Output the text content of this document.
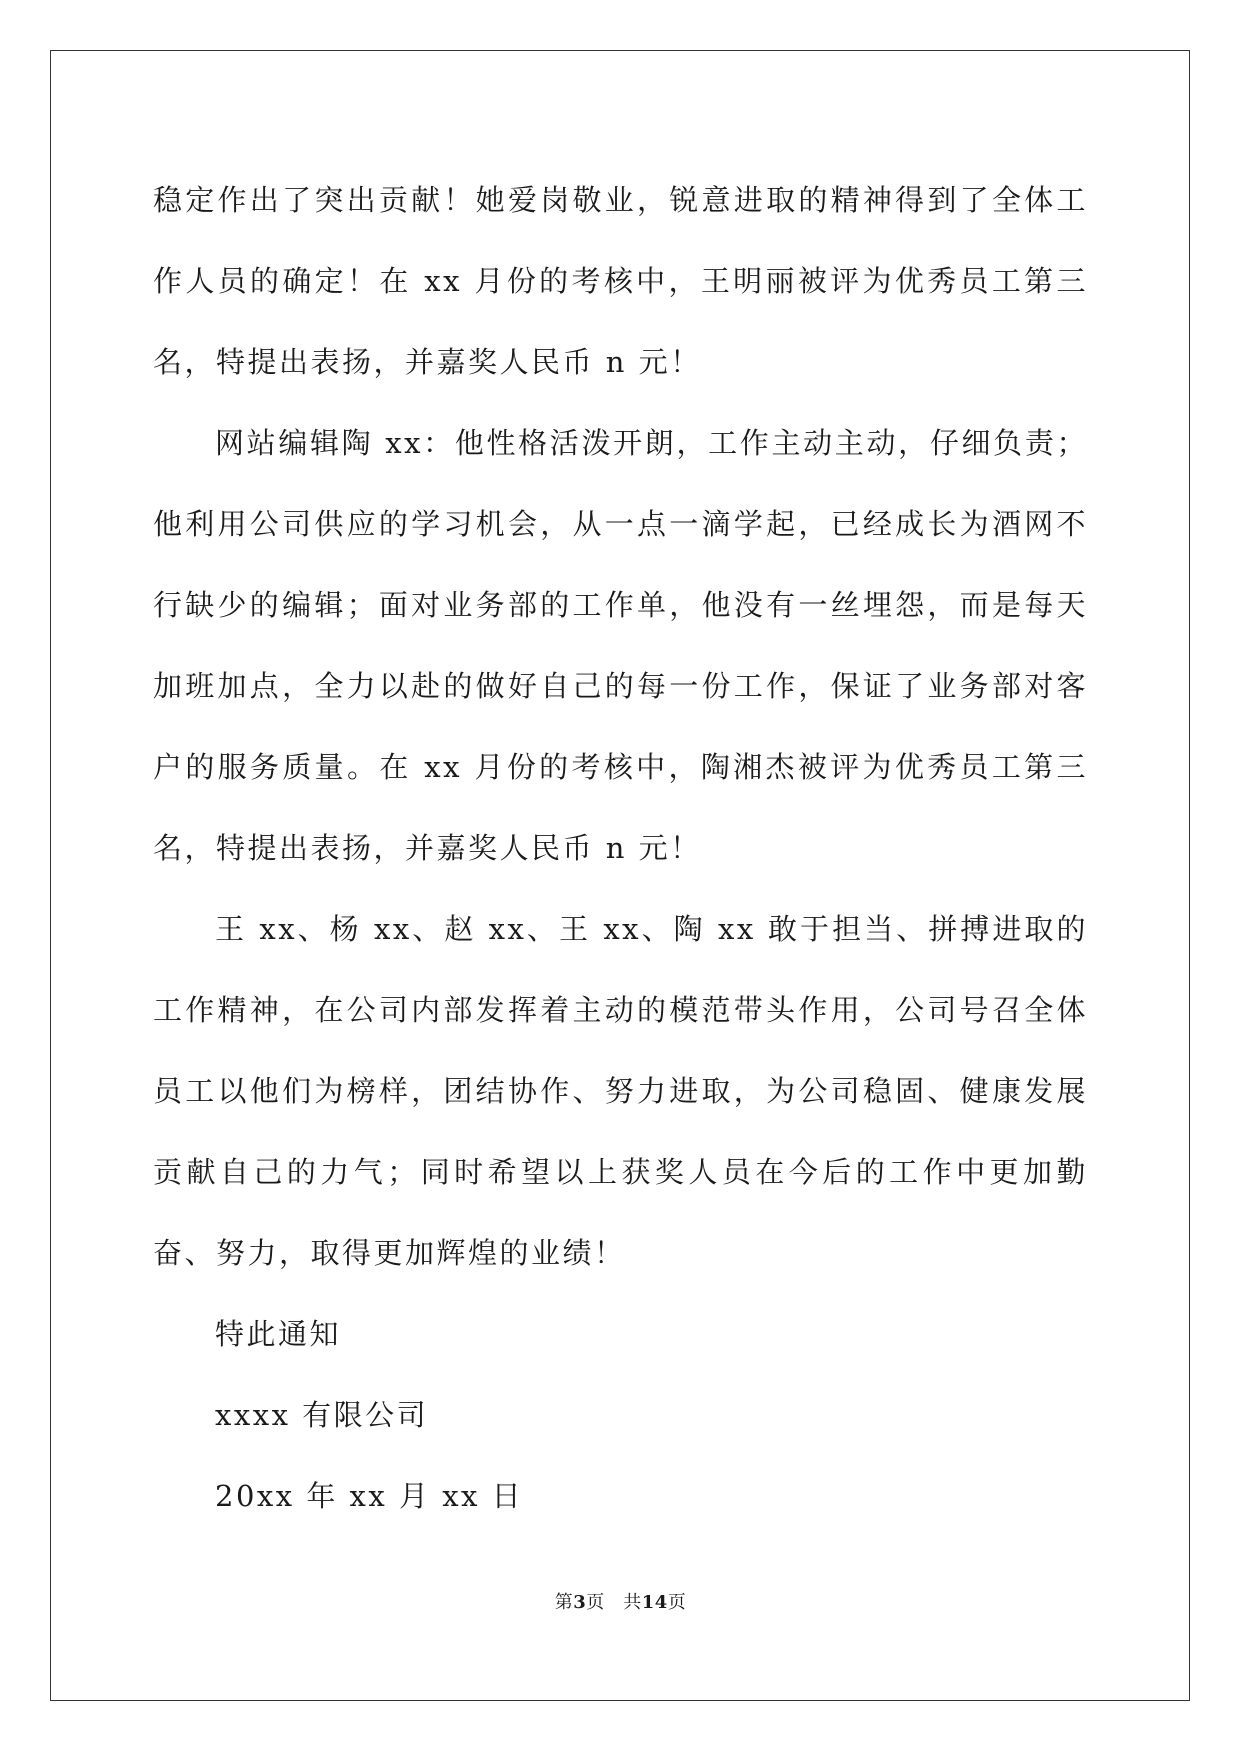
稳定作出了突出贡献！她爱岗敬业，锐意进取的精神得到了全体工作人员的确定！在 xx 月份的考核中，王明丽被评为优秀员工第三名，特提出表扬，并嘉奖人民币 n 元！

网站编辑陶 xx：他性格活泼开朗，工作主动主动，仔细负责；他利用公司供应的学习机会，从一点一滴学起，已经成长为酒网不行缺少的编辑；面对业务部的工作单，他没有一丝埋怨，而是每天加班加点，全力以赴的做好自己的每一份工作，保证了业务部对客户的服务质量。在 xx 月份的考核中，陶湘杰被评为优秀员工第三名，特提出表扬，并嘉奖人民币 n 元！

王 xx、杨 xx、赵 xx、王 xx、陶 xx 敢于担当、拼搏进取的工作精神，在公司内部发挥着主动的模范带头作用，公司号召全体员工以他们为榜样，团结协作、努力进取，为公司稳固、健康发展贡献自己的力气；同时希望以上获奖人员在今后的工作中更加勤奋、努力，取得更加辉煌的业绩！

特此通知

xxxx 有限公司

20xx 年 xx 月 xx 日

第3页　共14页
